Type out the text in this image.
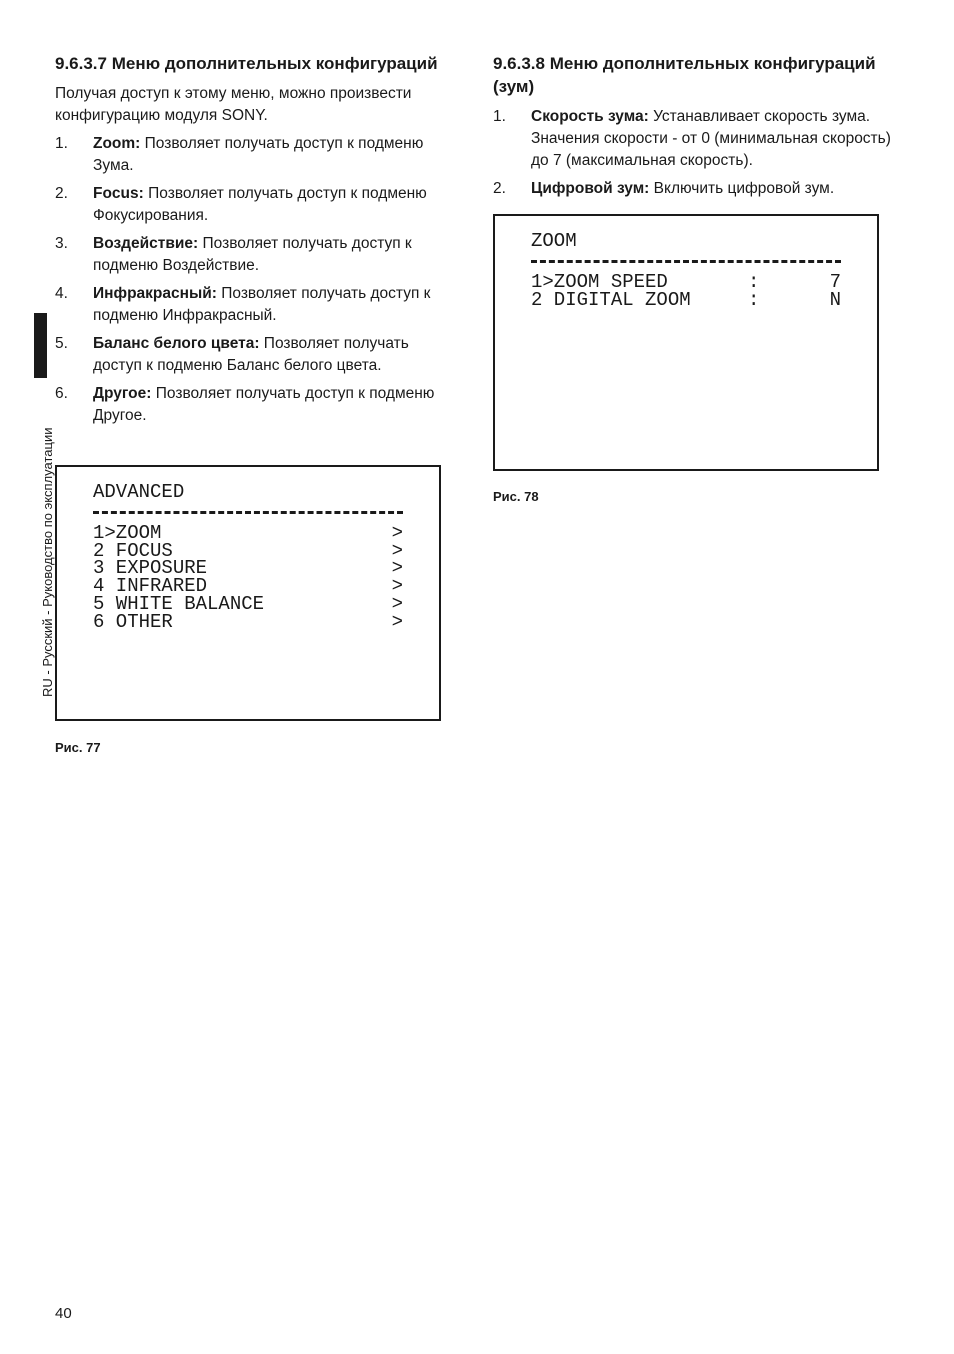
RU - Русский - Руководство по эксплуатации
9.6.3.7 Меню дополнительных конфигураций
Получая доступ к этому меню, можно произвести конфигурацию модуля SONY.
1. Zoom: Позволяет получать доступ к подменю Зума.
2. Focus: Позволяет получать доступ к подменю Фокусирования.
3. Воздействие: Позволяет получать доступ к подменю Воздействие.
4. Инфракрасный: Позволяет получать доступ к подменю Инфракрасный.
5. Баланс белого цвета: Позволяет получать доступ к подменю Баланс белого цвета.
6. Другое: Позволяет получать доступ к подменю Другое.
ADVANCED
1>ZOOM	>
2 FOCUS	>
3 EXPOSURE	>
4 INFRARED	>
5 WHITE BALANCE	>
6 OTHER	>
Рис. 77
9.6.3.8 Меню дополнительных конфигураций (зум)
1. Скорость зума: Устанавливает скорость зума. Значения скорости - от 0 (минимальная скорость) до 7 (максимальная скорость).
2. Цифровой зум: Включить цифровой зум.
ZOOM
1>ZOOM SPEED	:	7
2 DIGITAL ZOOM	:	N
Рис. 78
40
